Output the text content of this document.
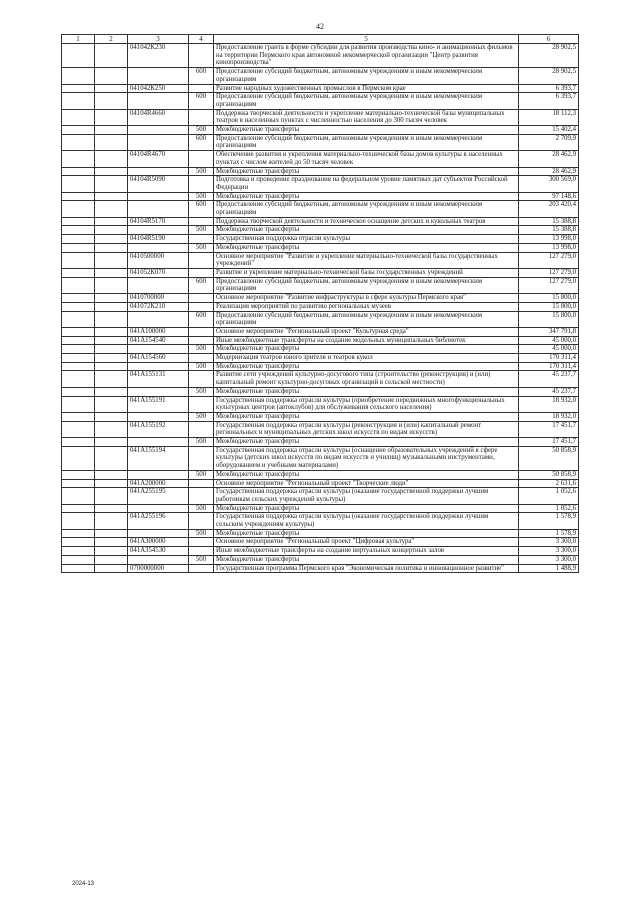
42
1	2	3	4	5	6
		041042К230		Предоставление гранта в форме субсидии для развития производства кино- и анимационных фильмов на территории Пермского края автономной некоммерческой организации "Центр развития кинопроизводства"	28 902,5
			600	Предоставление субсидий бюджетным, автономным учреждениям и иным некоммерческим организациям	28 902,5
		041042К250		Развитие народных художественных промыслов в Пермском крае	6 393,7
			600	Предоставление субсидий бюджетным, автономным учреждениям и иным некоммерческим организациям	6 393,7
		04104R4660		Поддержка творческой деятельности и укрепление материально-технической базы муниципальных театров в населенных пунктах с численностью населения до 300 тысяч человек	18 112,3
			500	Межбюджетные трансферты	15 402,4
			600	Предоставление субсидий бюджетным, автономным учреждениям и иным некоммерческим организациям	2 709,9
		04104R4670		Обеспечение развития и укрепления материально-технической базы домов культуры в населенных пунктах с числом жителей до 50 тысяч человек	28 462,9
			500	Межбюджетные трансферты	28 462,9
		04104R5090		Подготовка и проведение празднования на федеральном уровне памятных дат субъектов Российской Федерации	300 569,0
			500	Межбюджетные трансферты	97 148,6
			600	Предоставление субсидий бюджетным, автономным учреждениям и иным некоммерческим организациям	203 420,4
		04104R5170		Поддержка творческой деятельности и техническое оснащение детских и кукольных театров	15 388,8
			500	Межбюджетные трансферты	15 388,8
		04104R5190		Государственная поддержка отрасли культуры	13 998,0
			500	Межбюджетные трансферты	13 998,0
		0410500000		Основное мероприятие "Развитие и укрепление материально-технической базы государственных учреждений"	127 279,0
		041052К070		Развитие и укрепление материально-технической базы государственных учреждений	127 279,0
			600	Предоставление субсидий бюджетным, автономным учреждениям и иным некоммерческим организациям	127 279,0
		0410700000		Основное мероприятие "Развитие инфраструктуры в сфере культуры Пермского края"	15 800,0
		041072К210		Реализация мероприятий по развитию региональных музеев	15 800,0
			600	Предоставление субсидий бюджетным, автономным учреждениям и иным некоммерческим организациям	15 800,0
		041A100000		Основное мероприятие "Региональный проект "Культурная среда"	347 791,8
		041A154540		Иные межбюджетные трансферты на создание модельных муниципальных библиотек	45 000,0
			500	Межбюджетные трансферты	45 000,0
		041A154560		Модернизация театров юного зрителя и театров кукол	170 311,4
			500	Межбюджетные трансферты	170 311,4
		041A155131		Развитие сети учреждений культурно-досугового типа (строительство (реконструкция) и (или) капитальный ремонт культурно-досуговых организаций в сельской местности)	45 237,7
			500	Межбюджетные трансферты	45 237,7
		041A155191		Государственная поддержка отрасли культуры (приобретение передвижных многофункциональных культурных центров (автоклубов) для обслуживания сельского населения)	18 932,0
			500	Межбюджетные трансферты	18 932,0
		041A155192		Государственная поддержка отрасли культуры (реконструкция и (или) капитальный ремонт региональных и муниципальных детских школ искусств по видам искусств)	17 451,7
			500	Межбюджетные трансферты	17 451,7
		041A155194		Государственная поддержка отрасли культуры (оснащение образовательных учреждений в сфере культуры (детских школ искусств по видам искусств и училищ) музыкальными инструментами, оборудованием и учебными материалами)	50 858,9
			500	Межбюджетные трансферты	50 858,9
		041A200000		Основное мероприятие "Региональный проект "Творческие люди"	2 631,6
		041A255195		Государственная поддержка отрасли культуры (оказание государственной поддержки лучшим работникам сельских учреждений культуры)	1 052,6
			500	Межбюджетные трансферты	1 052,6
		041A255196		Государственная поддержка отрасли культуры (оказание государственной поддержки лучшим сельским учреждениям культуры)	1 578,9
			500	Межбюджетные трансферты	1 578,9
		041A300000		Основное мероприятие "Региональный проект "Цифровая культура"	3 300,0
		041A354530		Иные межбюджетные трансферты на создание виртуальных концертных залов	3 300,0
			500	Межбюджетные трансферты	3 300,0
		0700000000		Государственная программа Пермского края "Экономическая политика и инновационное развитие"	1 488,9
2024-13
